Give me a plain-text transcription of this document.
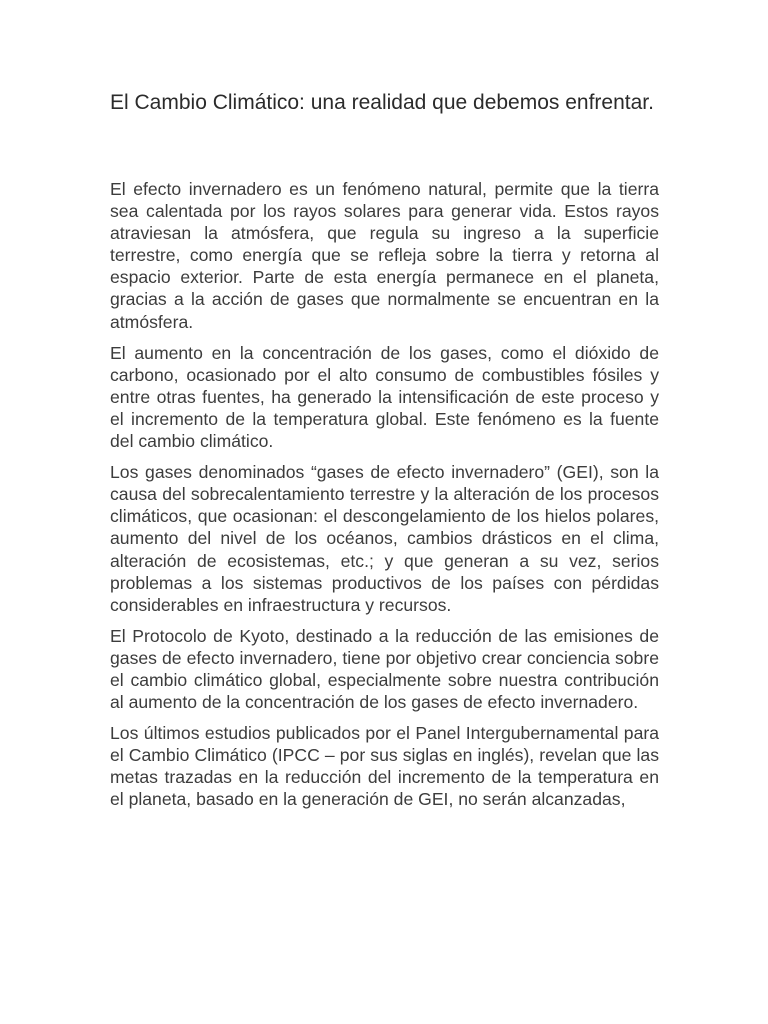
El Cambio Climático: una realidad que debemos enfrentar.

El efecto invernadero es un fenómeno natural, permite que la tierra sea calentada por los rayos solares para generar vida. Estos rayos atraviesan la atmósfera, que regula su ingreso a la superficie terrestre, como energía que se refleja sobre la tierra y retorna al espacio exterior. Parte de esta energía permanece en el planeta, gracias a la acción de gases que normalmente se encuentran en la atmósfera.

El aumento en la concentración de los gases, como el dióxido de carbono, ocasionado por el alto consumo de combustibles fósiles y entre otras fuentes, ha generado la intensificación de este proceso y el incremento de la temperatura global. Este fenómeno es la fuente del cambio climático.

Los gases denominados “gases de efecto invernadero” (GEI), son la causa del sobrecalentamiento terrestre y la alteración de los procesos climáticos, que ocasionan: el descongelamiento de los hielos polares, aumento del nivel de los océanos, cambios drásticos en el clima, alteración de ecosistemas, etc.; y que generan a su vez, serios problemas a los sistemas productivos de los países con pérdidas considerables en infraestructura y recursos.

El Protocolo de Kyoto, destinado a la reducción de las emisiones de gases de efecto invernadero, tiene por objetivo crear conciencia sobre el cambio climático global, especialmente sobre nuestra contribución al aumento de la concentración de los gases de efecto invernadero.

Los últimos estudios publicados por el Panel Intergubernamental para el Cambio Climático (IPCC – por sus siglas en inglés), revelan que las metas trazadas en la reducción del incremento de la temperatura en el planeta, basado en la generación de GEI, no serán alcanzadas,
